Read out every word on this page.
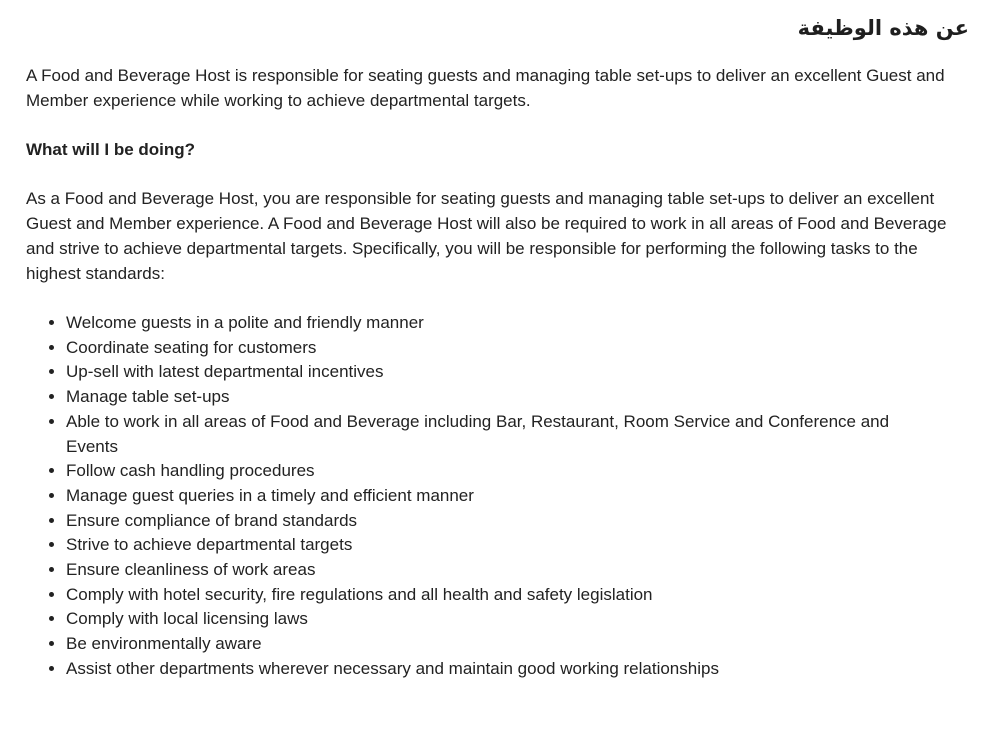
عن هذه الوظيفة

A Food and Beverage Host is responsible for seating guests and managing table set-ups to deliver an excellent Guest and Member experience while working to achieve departmental targets.

What will I be doing?

As a Food and Beverage Host, you are responsible for seating guests and managing table set-ups to deliver an excellent Guest and Member experience. A Food and Beverage Host will also be required to work in all areas of Food and Beverage and strive to achieve departmental targets. Specifically, you will be responsible for performing the following tasks to the highest standards:

• Welcome guests in a polite and friendly manner
• Coordinate seating for customers
• Up-sell with latest departmental incentives
• Manage table set-ups
• Able to work in all areas of Food and Beverage including Bar, Restaurant, Room Service and Conference and Events
• Follow cash handling procedures
• Manage guest queries in a timely and efficient manner
• Ensure compliance of brand standards
• Strive to achieve departmental targets
• Ensure cleanliness of work areas
• Comply with hotel security, fire regulations and all health and safety legislation
• Comply with local licensing laws
• Be environmentally aware
• Assist other departments wherever necessary and maintain good working relationships
